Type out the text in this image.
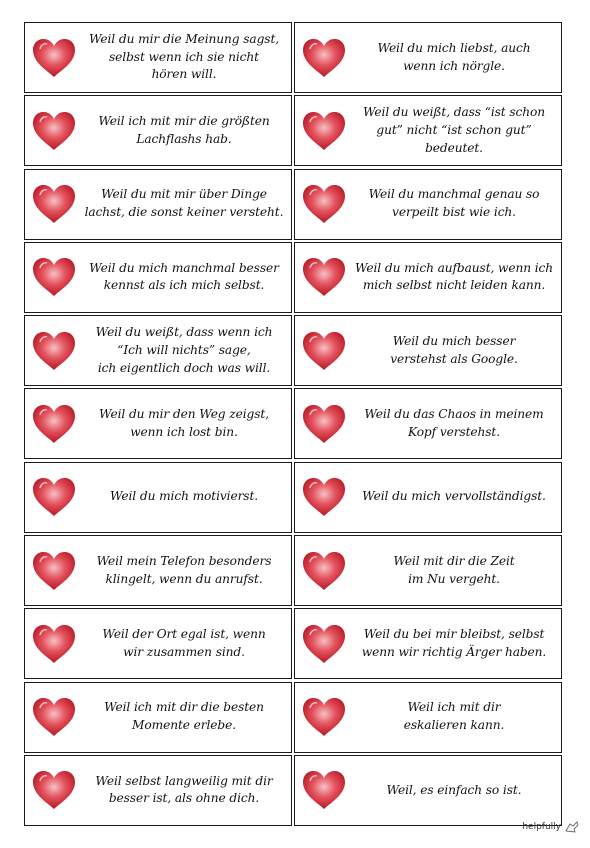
Weil du mir die Meinung sagst,
selbst wenn ich sie nicht
hören will.
Weil du mich liebst, auch
wenn ich nörgle.
Weil ich mit mir die größten
Lachflashs hab.
Weil du weißt, dass “ist schon
gut” nicht “ist schon gut”
bedeutet.
Weil du mit mir über Dinge
lachst, die sonst keiner versteht.
Weil du manchmal genau so
verpeilt bist wie ich.
Weil du mich manchmal besser
kennst als ich mich selbst.
Weil du mich aufbaust, wenn ich
mich selbst nicht leiden kann.
Weil du weißt, dass wenn ich
“Ich will nichts” sage,
ich eigentlich doch was will.
Weil du mich besser
verstehst als Google.
Weil du mir den Weg zeigst,
wenn ich lost bin.
Weil du das Chaos in meinem
Kopf verstehst.
Weil du mich motivierst.	Weil du mich vervollständigst.
Weil mein Telefon besonders
klingelt, wenn du anrufst.
Weil mit dir die Zeit
im Nu vergeht.
Weil der Ort egal ist, wenn
wir zusammen sind.
Weil du bei mir bleibst, selbst
wenn wir richtig Ärger haben.
Weil ich mit dir die besten
Momente erlebe.
Weil ich mit dir
eskalieren kann.
Weil selbst langweilig mit dir
besser ist, als ohne dich.
Weil, es einfach so ist.
helpfully
